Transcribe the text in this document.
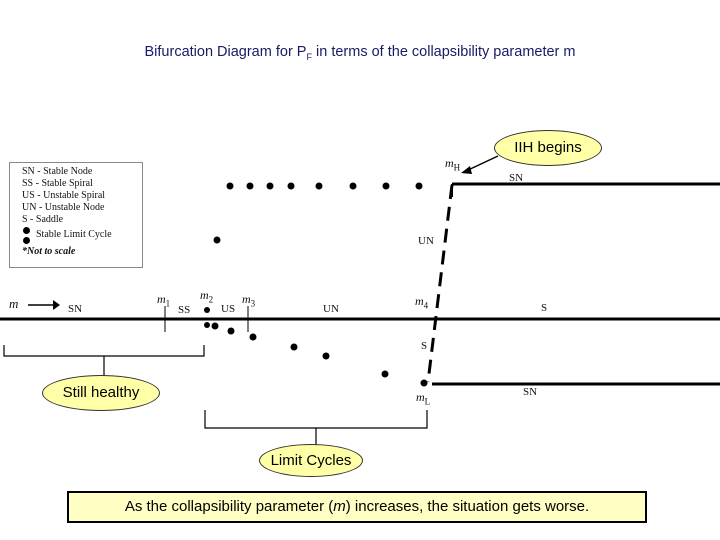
Bifurcation Diagram for $P_F$ in terms of the collapsibility parameter m
SN - Stable Node
SS - Stable Spiral
US - Unstable Spiral
UN - Unstable Node
S - Saddle
Stable Limit Cycle
*Not to scale
m	$m_1$
$m_2$ $m_3$	$m_4$
$m_H$
$m_L$
SN	SS	US	UN	S
SN
SN
UN
S
IIH begins
Still healthy
Limit Cycles
As the collapsibility parameter (m) increases, the situation gets worse.
